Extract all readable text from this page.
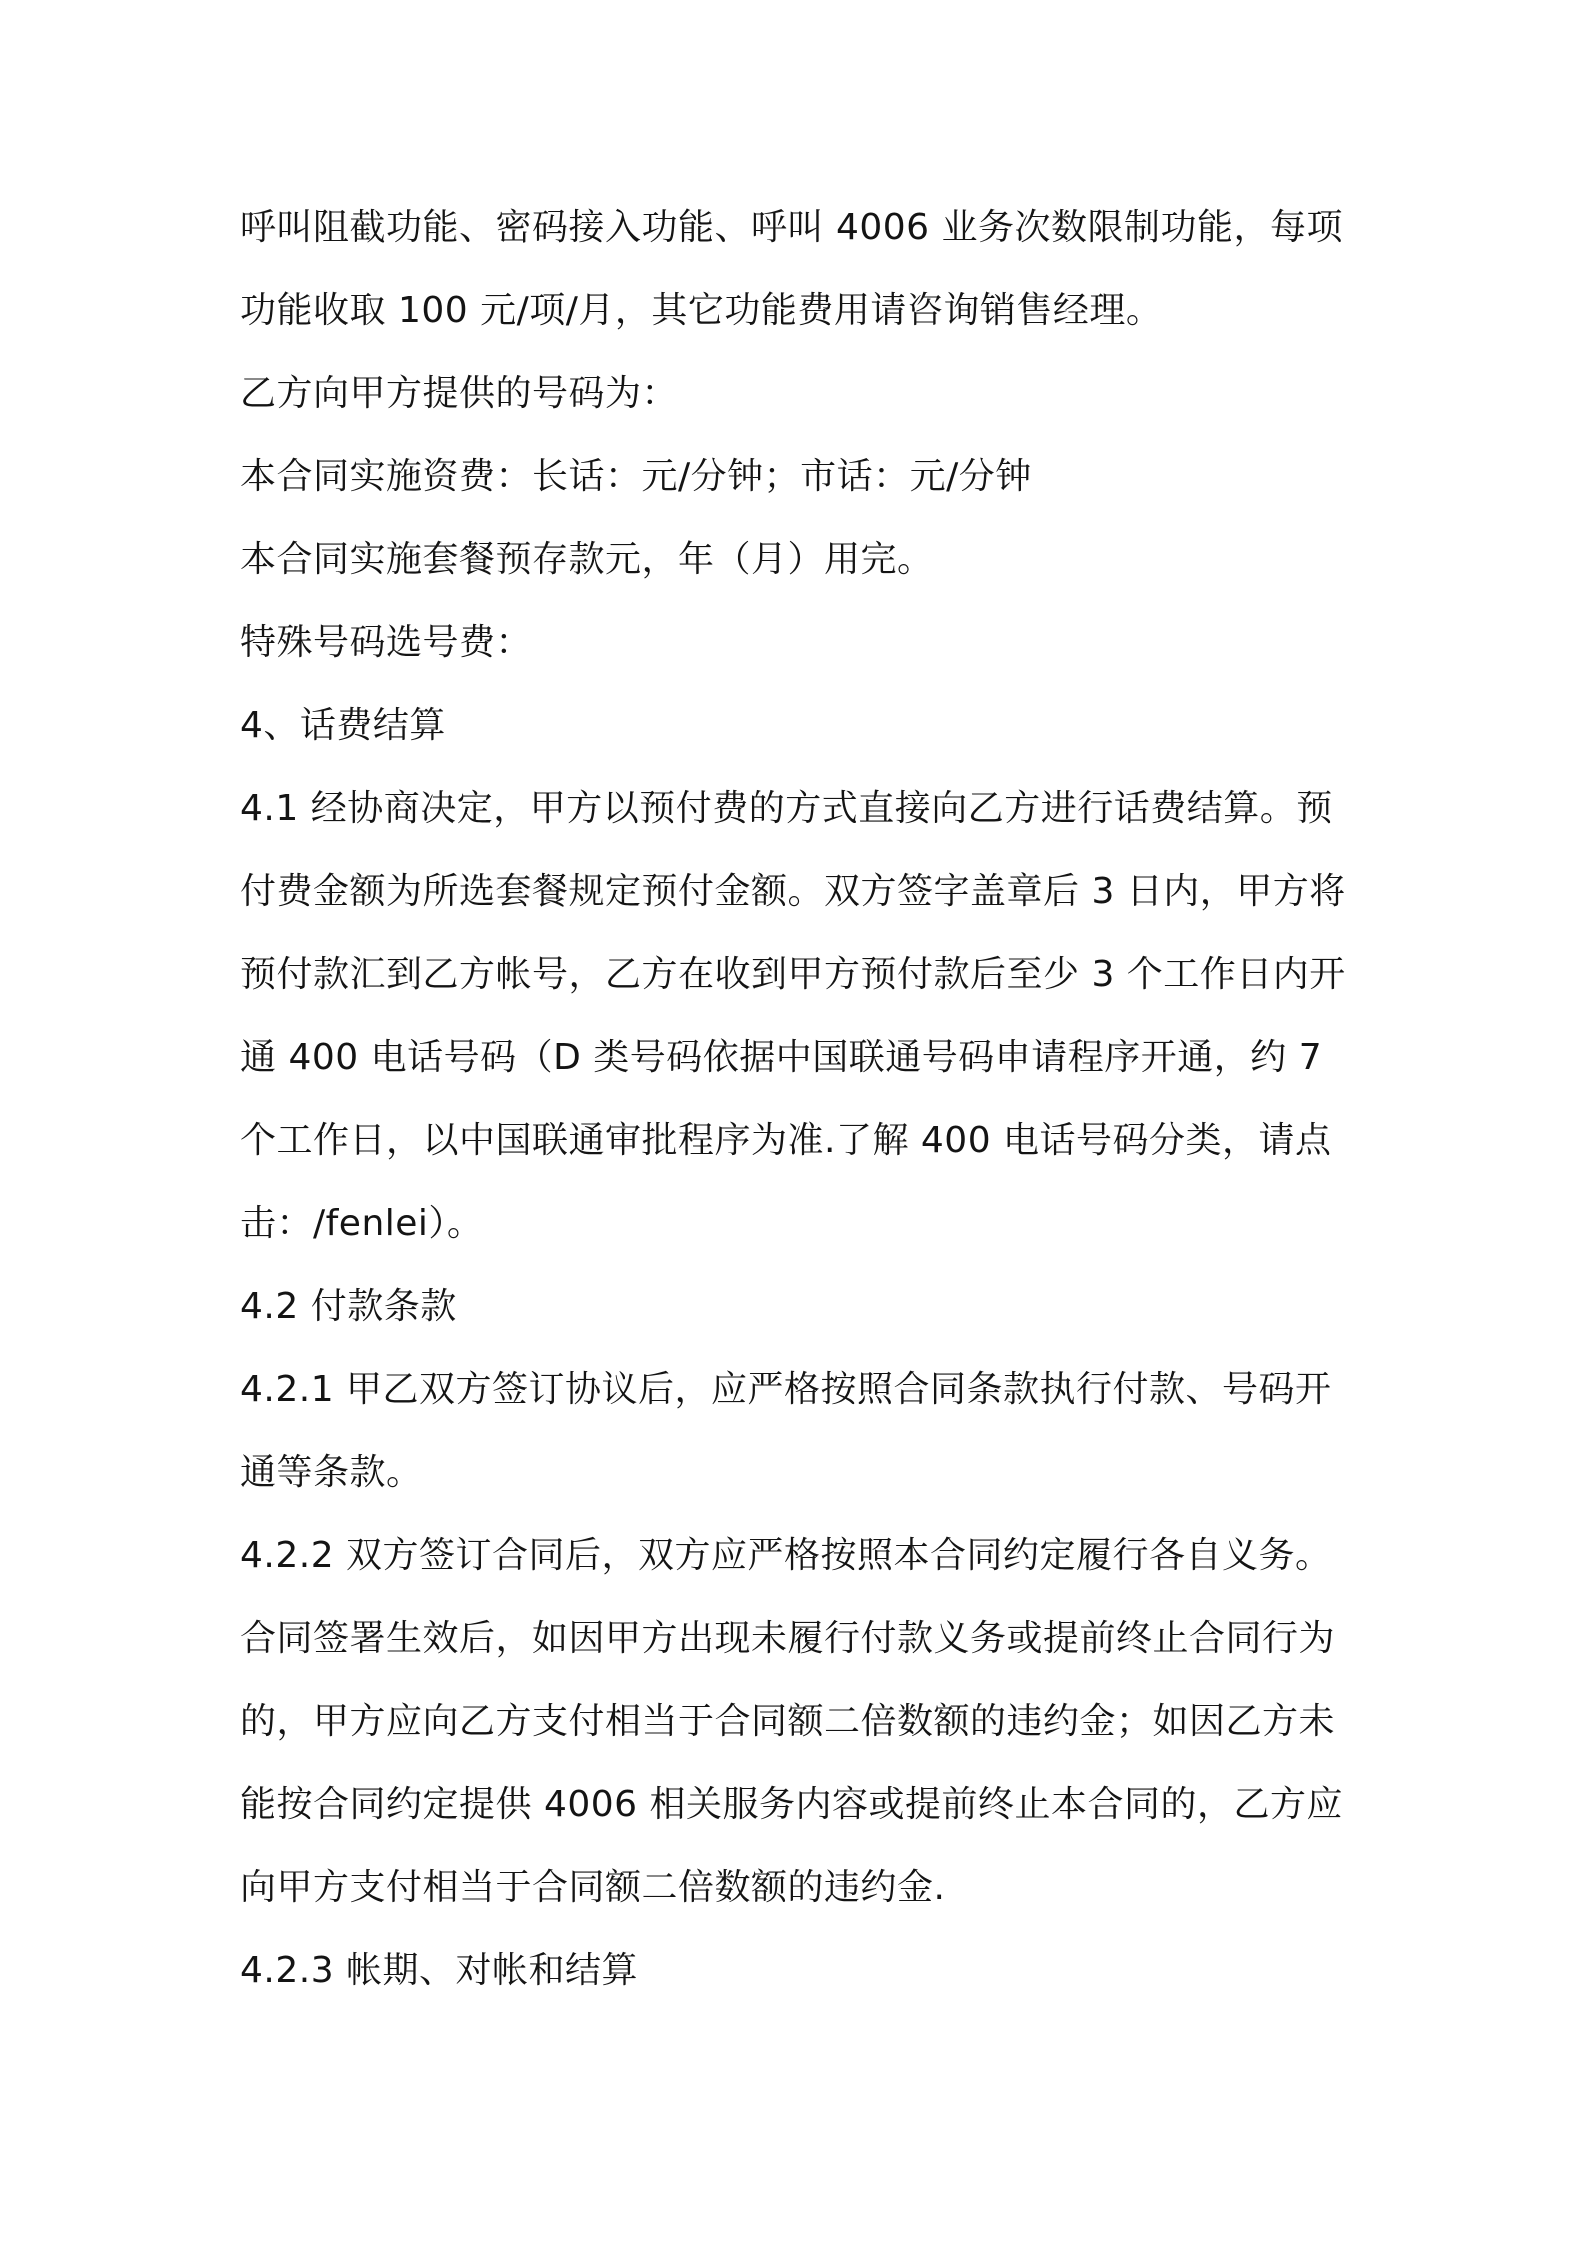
呼叫阻截功能、密码接入功能、呼叫 4006 业务次数限制功能，每项
功能收取 100 元/项/月，其它功能费用请咨询销售经理。
乙方向甲方提供的号码为：
本合同实施资费：长话：元/分钟；市话：元/分钟
本合同实施套餐预存款元，年（月）用完。
特殊号码选号费：
4、话费结算
4.1 经协商决定，甲方以预付费的方式直接向乙方进行话费结算。预
付费金额为所选套餐规定预付金额。双方签字盖章后 3 日内，甲方将
预付款汇到乙方帐号，乙方在收到甲方预付款后至少 3 个工作日内开
通 400 电话号码（D 类号码依据中国联通号码申请程序开通，约 7
个工作日，以中国联通审批程序为准.了解 400 电话号码分类，请点
击：/fenlei）。
4.2 付款条款
4.2.1 甲乙双方签订协议后，应严格按照合同条款执行付款、号码开
通等条款。
4.2.2 双方签订合同后，双方应严格按照本合同约定履行各自义务。
合同签署生效后，如因甲方出现未履行付款义务或提前终止合同行为
的，甲方应向乙方支付相当于合同额二倍数额的违约金；如因乙方未
能按合同约定提供 4006 相关服务内容或提前终止本合同的，乙方应
向甲方支付相当于合同额二倍数额的违约金.
4.2.3 帐期、对帐和结算
